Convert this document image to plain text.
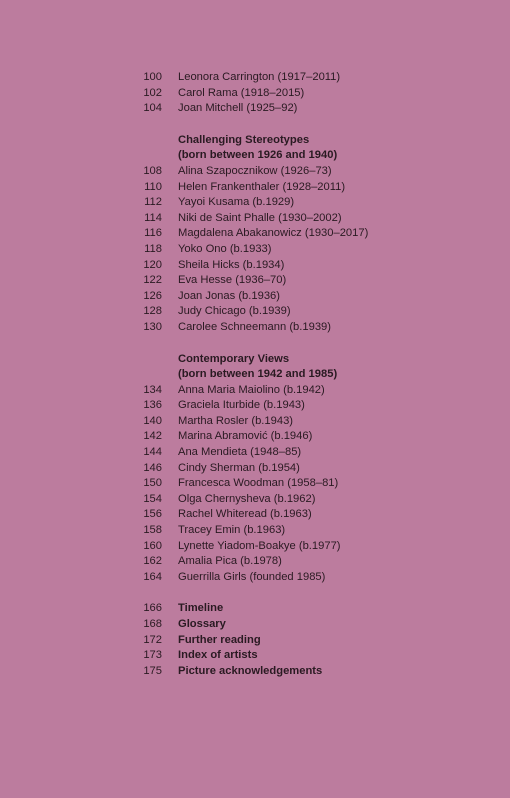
100 Leonora Carrington (1917–2011)
102 Carol Rama (1918–2015)
104 Joan Mitchell (1925–92)
Challenging Stereotypes
(born between 1926 and 1940)
108 Alina Szapocznikow (1926–73)
110 Helen Frankenthaler (1928–2011)
112 Yayoi Kusama (b.1929)
114 Niki de Saint Phalle (1930–2002)
116 Magdalena Abakanowicz (1930–2017)
118 Yoko Ono (b.1933)
120 Sheila Hicks (b.1934)
122 Eva Hesse (1936–70)
126 Joan Jonas (b.1936)
128 Judy Chicago (b.1939)
130 Carolee Schneemann (b.1939)
Contemporary Views
(born between 1942 and 1985)
134 Anna Maria Maiolino (b.1942)
136 Graciela Iturbide (b.1943)
140 Martha Rosler (b.1943)
142 Marina Abramović (b.1946)
144 Ana Mendieta (1948–85)
146 Cindy Sherman (b.1954)
150 Francesca Woodman (1958–81)
154 Olga Chernysheva (b.1962)
156 Rachel Whiteread (b.1963)
158 Tracey Emin (b.1963)
160 Lynette Yiadom-Boakye (b.1977)
162 Amalia Pica (b.1978)
164 Guerrilla Girls (founded 1985)
166 Timeline
168 Glossary
172 Further reading
173 Index of artists
175 Picture acknowledgements
